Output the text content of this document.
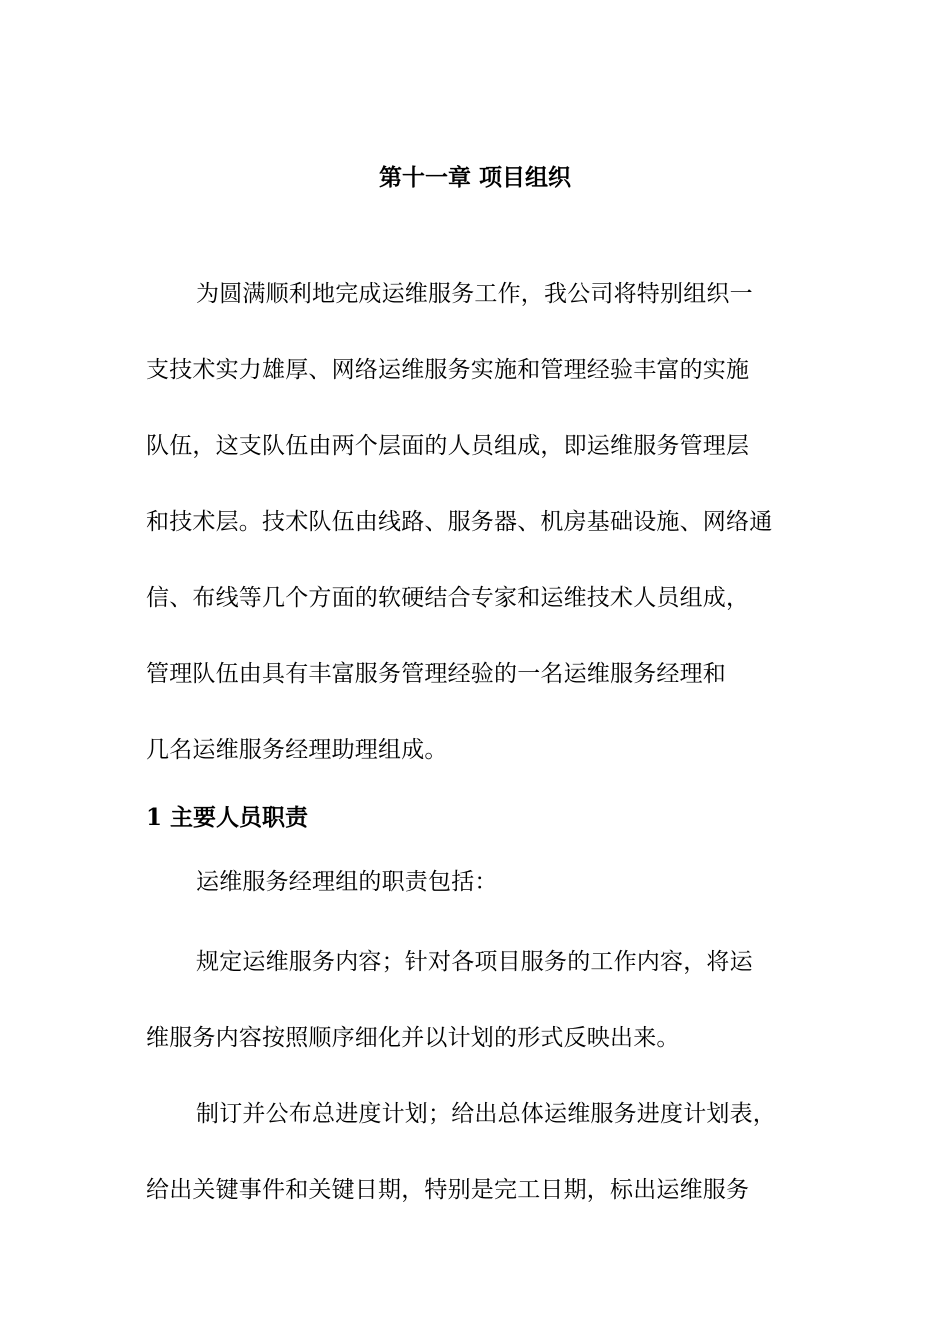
第十一章 项目组织

为圆满顺利地完成运维服务工作，我公司将特别组织一
支技术实力雄厚、网络运维服务实施和管理经验丰富的实施
队伍，这支队伍由两个层面的人员组成，即运维服务管理层
和技术层。技术队伍由线路、服务器、机房基础设施、网络通
信、布线等几个方面的软硬结合专家和运维技术人员组成，
管理队伍由具有丰富服务管理经验的一名运维服务经理和
几名运维服务经理助理组成。

1 主要人员职责

运维服务经理组的职责包括：

规定运维服务内容；针对各项目服务的工作内容，将运
维服务内容按照顺序细化并以计划的形式反映出来。

制订并公布总进度计划；给出总体运维服务进度计划表，
给出关键事件和关键日期，特别是完工日期，标出运维服务
